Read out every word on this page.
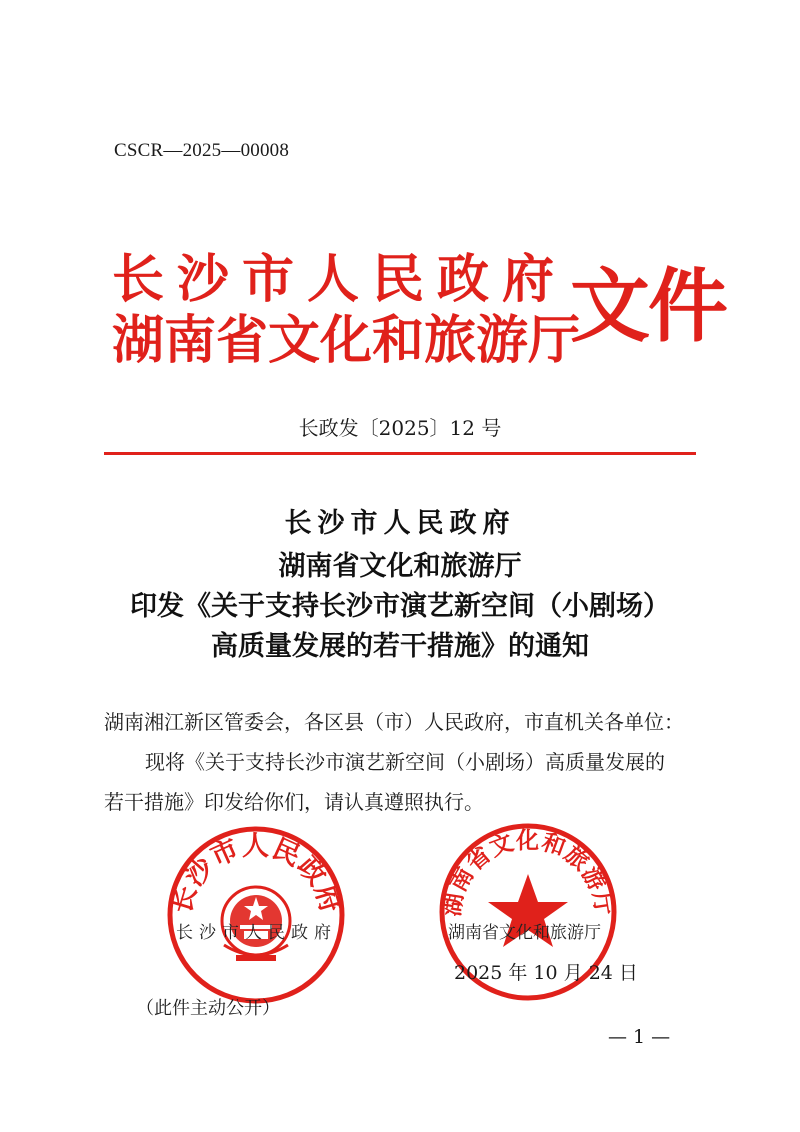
CSCR—2025—00008
长沙市人民政府
湖南省文化和旅游厅
文件
长政发〔2025〕12 号
长沙市人民政府
湖南省文化和旅游厅
印发《关于支持长沙市演艺新空间（小剧场）
高质量发展的若干措施》的通知
湖南湘江新区管委会，各区县（市）人民政府，市直机关各单位：
现将《关于支持长沙市演艺新空间（小剧场）高质量发展的
若干措施》印发给你们，请认真遵照执行。
长沙市人民政府	湖南省文化和旅游厅
长沙市人民政府	湖南省文化和旅游厅
2025 年 10 月 24 日
（此件主动公开）
— 1 —
